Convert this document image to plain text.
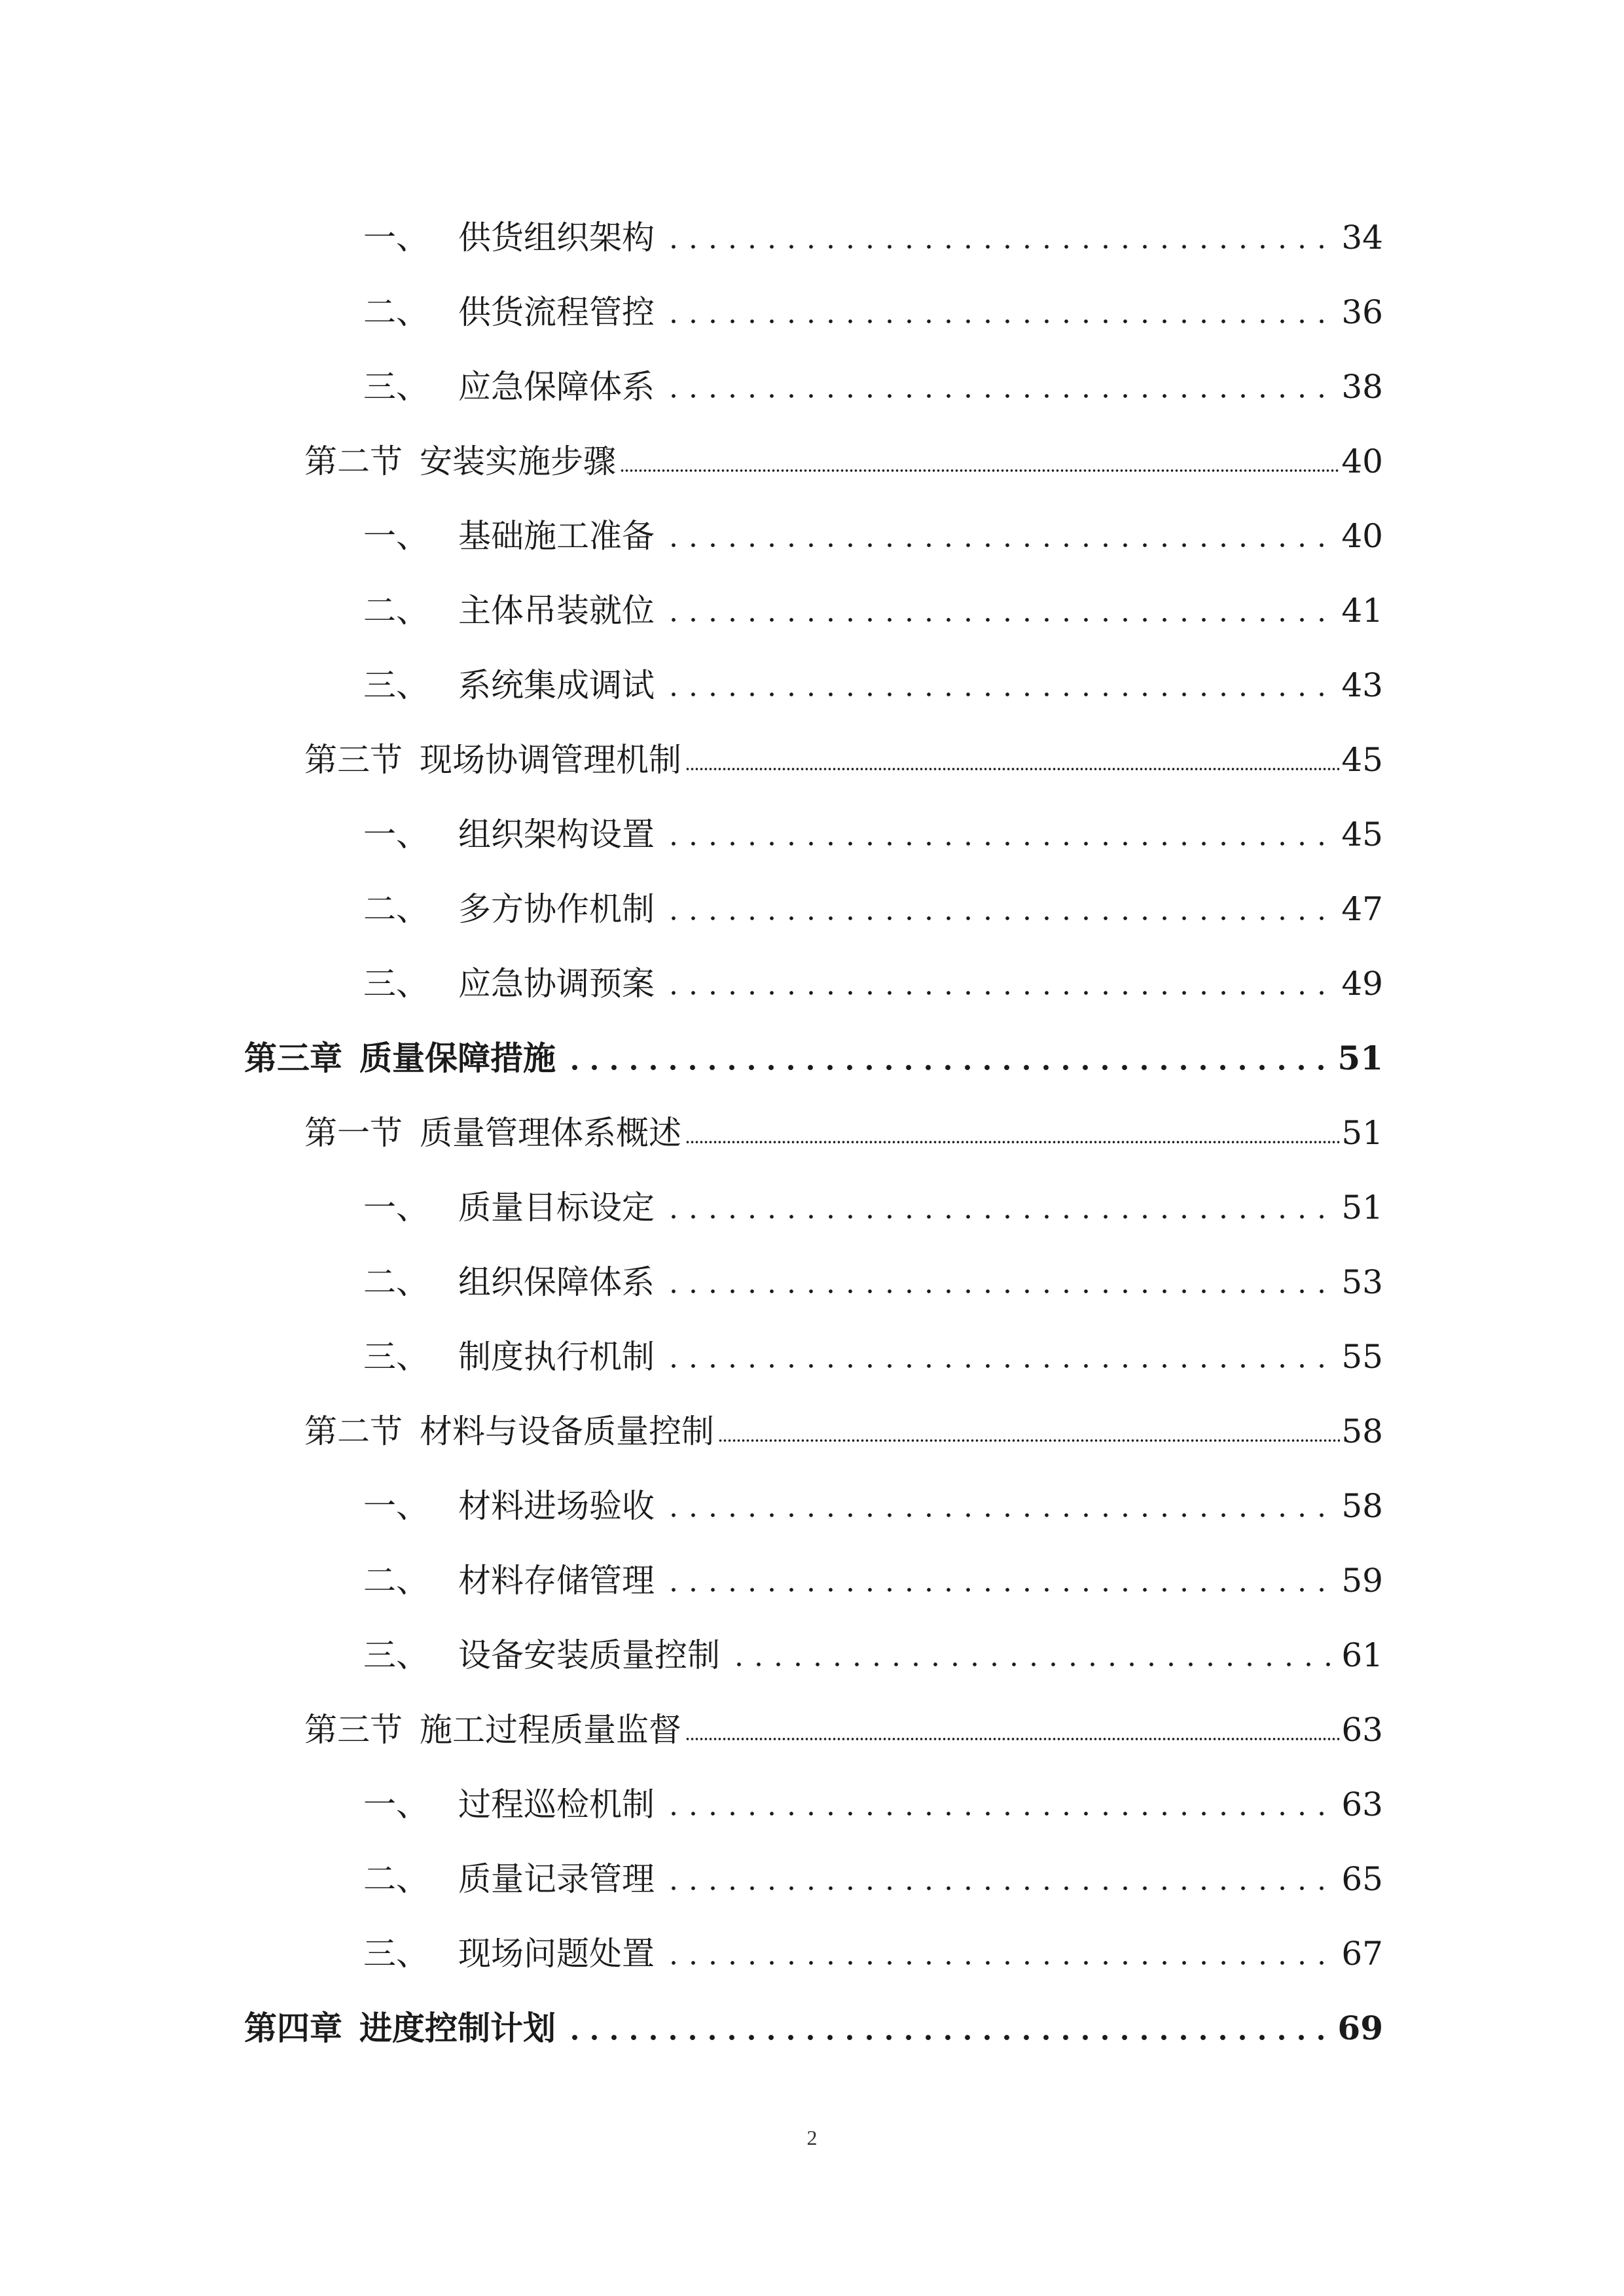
一、 供货组织架构	34
二、 供货流程管控	36
三、 应急保障体系	38
第二节 安装实施步骤	40
一、 基础施工准备	40
二、 主体吊装就位	41
三、 系统集成调试	43
第三节 现场协调管理机制	45
一、 组织架构设置	45
二、 多方协作机制	47
三、 应急协调预案	49
第三章 质量保障措施	51
第一节 质量管理体系概述	51
一、 质量目标设定	51
二、 组织保障体系	53
三、 制度执行机制	55
第二节 材料与设备质量控制	58
一、 材料进场验收	58
二、 材料存储管理	59
三、 设备安装质量控制	61
第三节 施工过程质量监督	63
一、 过程巡检机制	63
二、 质量记录管理	65
三、 现场问题处置	67
第四章 进度控制计划	69
2
